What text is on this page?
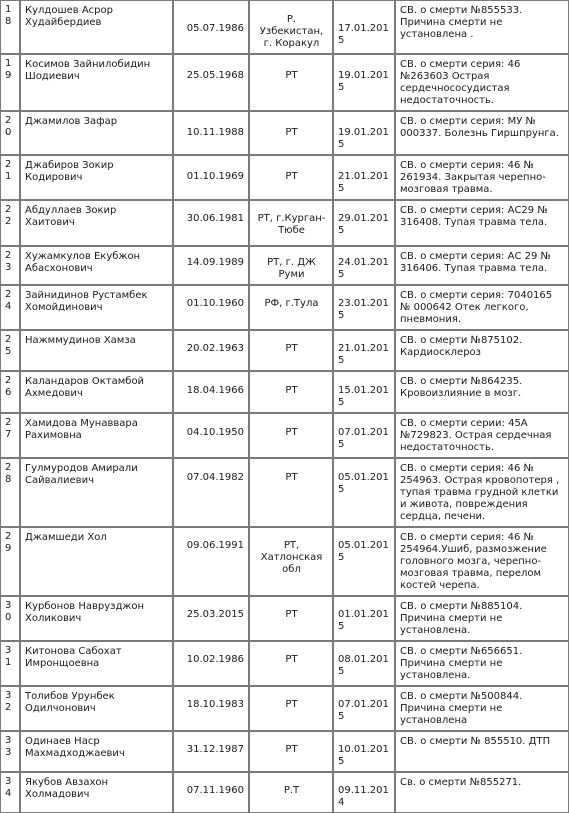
18	Кулдошев Асрор Худайбердиев	05.07.1986	Р. Узбекистан, г. Коракул	17.01.2015	СВ. о смерти №855533. Причина смерти не установлена .
19	Косимов Зайнилобидин Шодиевич	25.05.1968	РТ	19.01.2015	СВ. о смерти серия: 46 №263603 Острая сердечнососудистая недостаточность.
20	Джамилов Зафар	10.11.1988	РТ	19.01.2015	СВ. о смерти серия: МУ № 000337. Болезнь Гиршпрунга.
21	Джабиров Зокир Кодирович	01.10.1969	РТ	21.01.2015	СВ. о смерти серия: 46 № 261934. Закрытая черепно-мозговая травма.
22	Абдуллаев Зокир Хаитович	30.06.1981	РТ, г.Курган-Тюбе	29.01.2015	СВ. о смерти серия: АС29 № 316408. Тупая травма тела.
23	Хужамкулов Екубжон Абасхонович	14.09.1989	РТ, г. ДЖ Руми	24.01.2015	СВ. о смерти серия: АС 29 № 316406. Тупая травма тела.
24	Зайнидинов Рустамбек Хомойдинович	01.10.1960	РФ, г.Тула	23.01.2015	СВ. о смерти серия: 7040165 № 000642 Отек легкого, пневмония.
25	Нажммудинов Хамза	20.02.1963	РТ	21.01.2015	СВ. о смерти №875102. Кардиосклероз
26	Каландаров Октамбой Ахмедович	18.04.1966	РТ	15.01.2015	СВ. о смерти №864235. Кровоизлияние в мозг.
27	Хамидова Мунаввара Рахимовна	04.10.1950	РТ	07.01.2015	СВ. о смерти серии: 45А №729823. Острая сердечная недостаточность.
28	Гулмуродов Амирали Сайвалиевич	07.04.1982	РТ	05.01.2015	СВ. о смерти серия: 46 № 254963. Острая кровопотеря , тупая травма грудной клетки и живота, повреждения сердца, печени.
29	Джамшеди Хол	09.06.1991	РТ, Хатлонская обл	05.01.2015	СВ. о смерти серия: 46 № 254964.Ушиб, размозжение головного мозга, черепно-мозговая травма, перелом костей черепа.
30	Курбонов Наврузджон Холикович	25.03.2015	РТ	01.01.2015	СВ. о смерти №885104. Причина смерти не установлена.
31	Китонова Сабохат Имронщоевна	10.02.1986	РТ	08.01.2015	СВ. о смерти №656651. Причина смерти не установлена.
32	Толибов Урунбек Одилчонович	18.10.1983	РТ	07.01.2015	СВ. о смерти №500844. Причина смерти не установлена
33	Одинаев Наср Махмадходжаевич	31.12.1987	РТ	10.01.2015	СВ. о смерти № 855510. ДТП
34	Якубов Авзахон Холмадович	07.11.1960	Р.Т	09.11.2014	Св. о смерти №855271.
